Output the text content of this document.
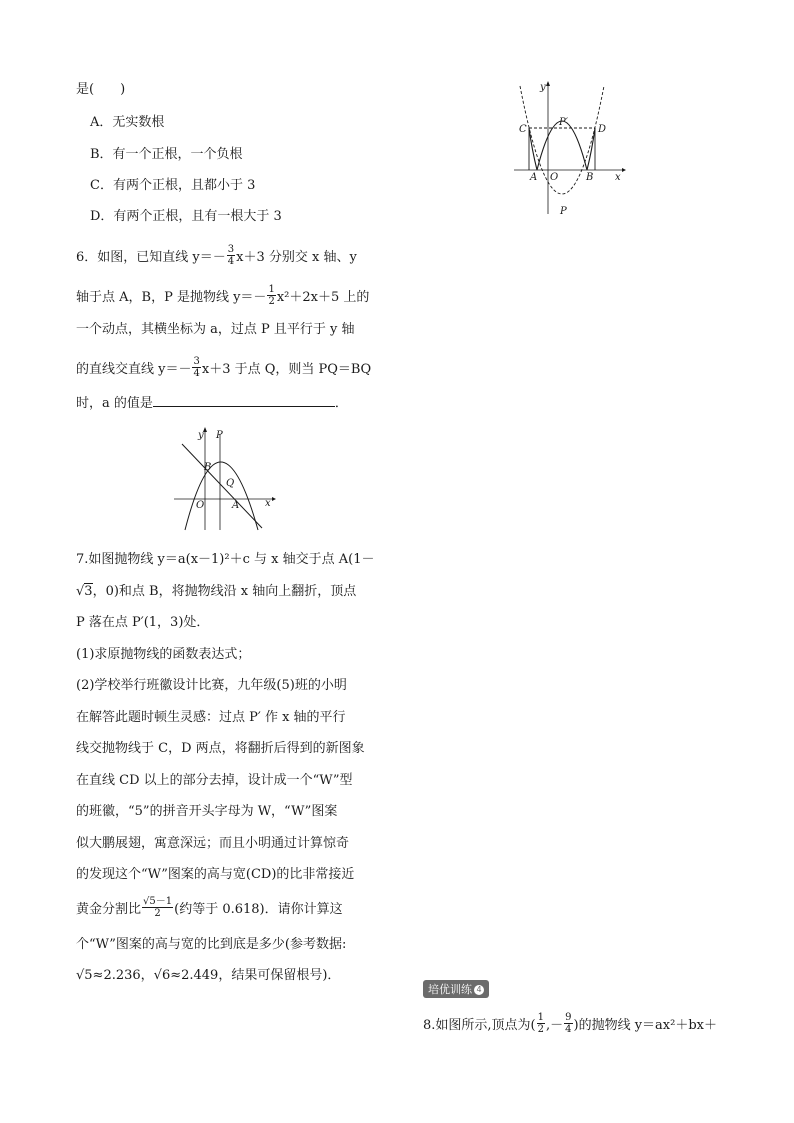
是(　　)
A．无实数根
B．有一个正根，一个负根
C．有两个正根，且都小于 3
D．有两个正根，且有一根大于 3
6．如图，已知直线 $y=- \frac{3}{4} x+3$ 分别交 x 轴、y
轴于点 A，B，P 是抛物线 $y=- \frac{1}{2} x^2+2x+5$ 上的
一个动点，其横坐标为 a，过点 P 且平行于 y 轴
的直线交直线 $y=- \frac{3}{4} x+3$ 于点 Q，则当 PQ＝BQ
时，a 的值是	．
y P
B
Q
O	A	x
7.如图抛物线 y＝a(x－1)²＋c 与 x 轴交于点 A(1－
√3，0)和点 B，将抛物线沿 x 轴向上翻折，顶点
P 落在点 P′(1，3)处．
(1)求原抛物线的函数表达式；
(2)学校举行班徽设计比赛，九年级(5)班的小明
在解答此题时顿生灵感：过点 P′ 作 x 轴的平行
线交抛物线于 C，D 两点，将翻折后得到的新图象
在直线 CD 以上的部分去掉，设计成一个“W”型
的班徽，“5”的拼音开头字母为 W，“W”图案
似大鹏展翅，寓意深远；而且小明通过计算惊奇
的发现这个“W”图案的高与宽(CD)的比非常接近
黄金分割比 $\frac{√5-1}{2}$ (约等于 0.618)．请你计算这
个“W”图案的高与宽的比到底是多少(参考数据:
√5≈2.236，√6≈2.449，结果可保留根号)．
y
C
P′
D
A O	B x
P
培优训练 4
8.如图所示,顶点为( $\frac{1}{2}$ ,－ $\frac{9}{4}$ )的抛物线 y＝ax²＋bx＋
